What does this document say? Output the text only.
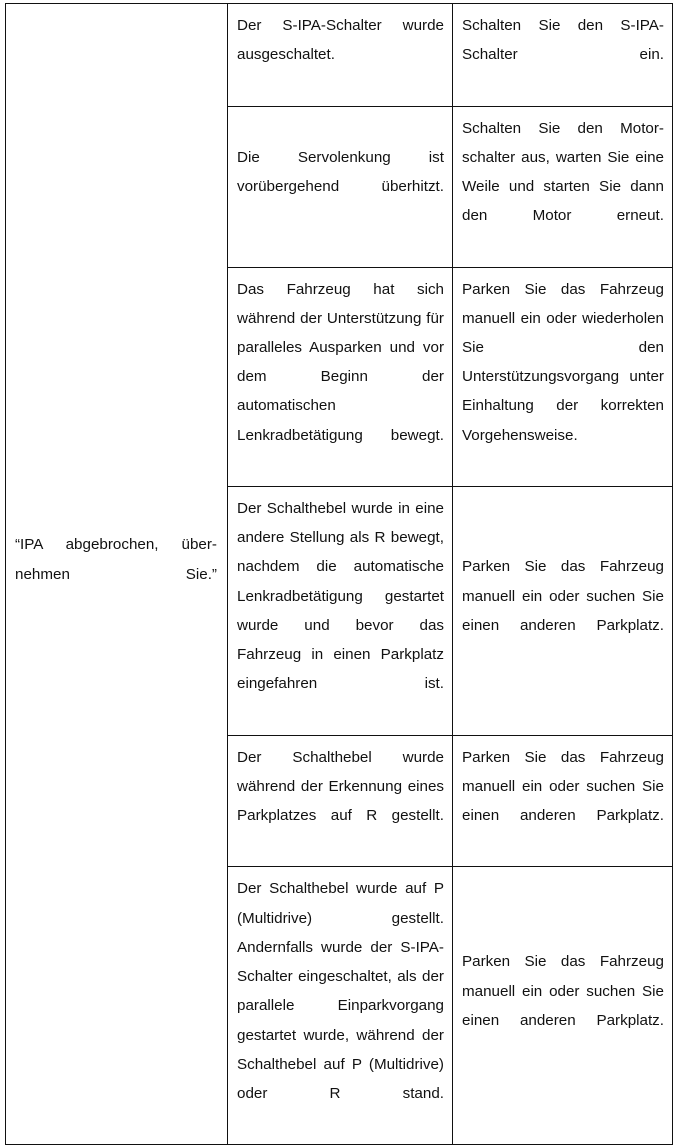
“IPA abgebrochen, über-nehmen Sie.”	Der S-IPA-Schalter wurde ausgeschaltet.	Schalten Sie den S-IPA-Schalter ein.

	Die Servolenkung ist vorübergehend überhitzt.	Schalten Sie den Motor-schalter aus, warten Sie eine Weile und starten Sie dann den Motor erneut.

	Das Fahrzeug hat sich während der Unterstützung für paralleles Ausparken und vor dem Beginn der automatischen Lenkradbetätigung bewegt.	Parken Sie das Fahrzeug manuell ein oder wiederholen Sie den Unterstützungsvorgang unter Einhaltung der korrekten Vorgehensweise.

	Der Schalthebel wurde in eine andere Stellung als R bewegt, nachdem die automatische Lenkradbetätigung gestartet wurde und bevor das Fahrzeug in einen Parkplatz eingefahren ist.	Parken Sie das Fahrzeug manuell ein oder suchen Sie einen anderen Parkplatz.

	Der Schalthebel wurde während der Erkennung eines Parkplatzes auf R gestellt.	Parken Sie das Fahrzeug manuell ein oder suchen Sie einen anderen Parkplatz.

	Der Schalthebel wurde auf P (Multidrive) gestellt. Andernfalls wurde der S-IPA-Schalter eingeschaltet, als der parallele Einparkvorgang gestartet wurde, während der Schalthebel auf P (Multidrive) oder R stand.	Parken Sie das Fahrzeug manuell ein oder suchen Sie einen anderen Parkplatz.
